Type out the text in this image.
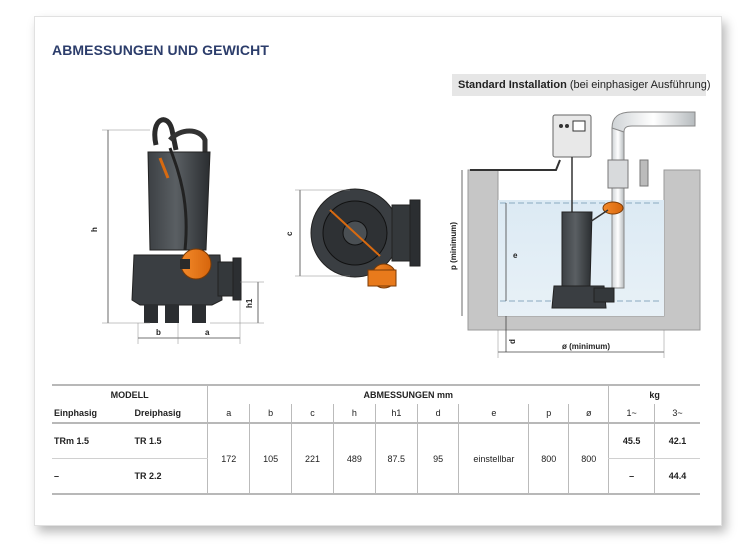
ABMESSUNGEN UND GEWICHT
Standard Installation (bei einphasiger Ausführung)
h
b	a
h1
c	p (minimum)	e
d
ø (minimum)
MODELL		ABMESSUNGEN mm									kg	
Einphasig	Dreiphasig	a	b	c	h	h1	d	e	p	ø	1~	3~
TRm 1.5	TR 1.5	172	105	221	489	87.5	95	einstellbar	800	800	45.5	42.1
–	TR 2.2										–	44.4
